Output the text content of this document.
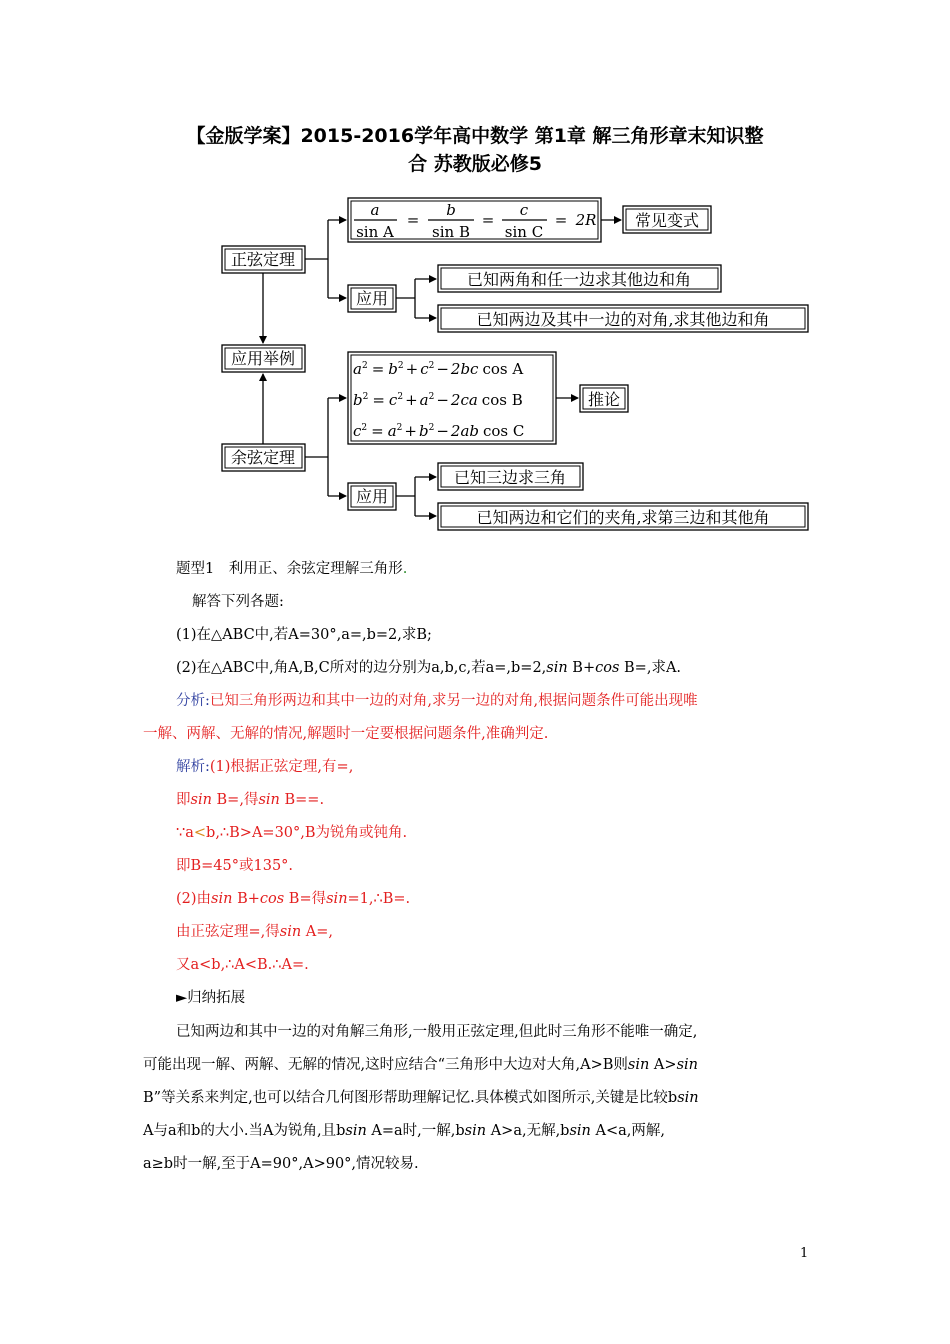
【金版学案】2015-2016学年高中数学 第1章 解三角形章末知识整
合 苏教版必修5
正弦定理
应用举例
余弦定理
a
sin A
=
b
sin B
=
c
sin C
= 2R 常见变式
应用
已知两角和任一边求其他边和角
已知两边及其中一边的对角,求其他边和角
$a^2 = b^2 + c^2 - 2bc$ cos A
$b^2 = c^2 + a^2 - 2ca$ cos B
$c^2 = a^2 + b^2 - 2ab$ cos C
推论
应用
已知三边求三角
已知两边和它们的夹角,求第三边和其他角
题型1　利用正、余弦定理解三角形.
解答下列各题:
(1)在△ABC中,若A=30°,a=,b=2,求B;
(2)在△ABC中,角A,B,C所对的边分别为a,b,c,若a=,b=2,sin B+cos B=,求A.
分析:已知三角形两边和其中一边的对角,求另一边的对角,根据问题条件可能出现唯
一解、两解、无解的情况,解题时一定要根据问题条件,准确判定.
解析:(1)根据正弦定理,有=,
即sin B=,得sin B==.
∵a<b,∴B>A=30°,B为锐角或钝角.
即B=45°或135°.
(2)由sin B+cos B=得sin=1,∴B=.
由正弦定理=,得sin A=,
又a<b,∴A<B.∴A=.
►归纳拓展
已知两边和其中一边的对角解三角形,一般用正弦定理,但此时三角形不能唯一确定,
可能出现一解、两解、无解的情况,这时应结合“三角形中大边对大角,A>B则sin A>sin
B”等关系来判定,也可以结合几何图形帮助理解记忆.具体模式如图所示,关键是比较bsin
A与a和b的大小.当A为锐角,且bsin A=a时,一解,bsin A>a,无解,bsin A<a,两解,
a≥b时一解,至于A=90°,A>90°,情况较易.
1
